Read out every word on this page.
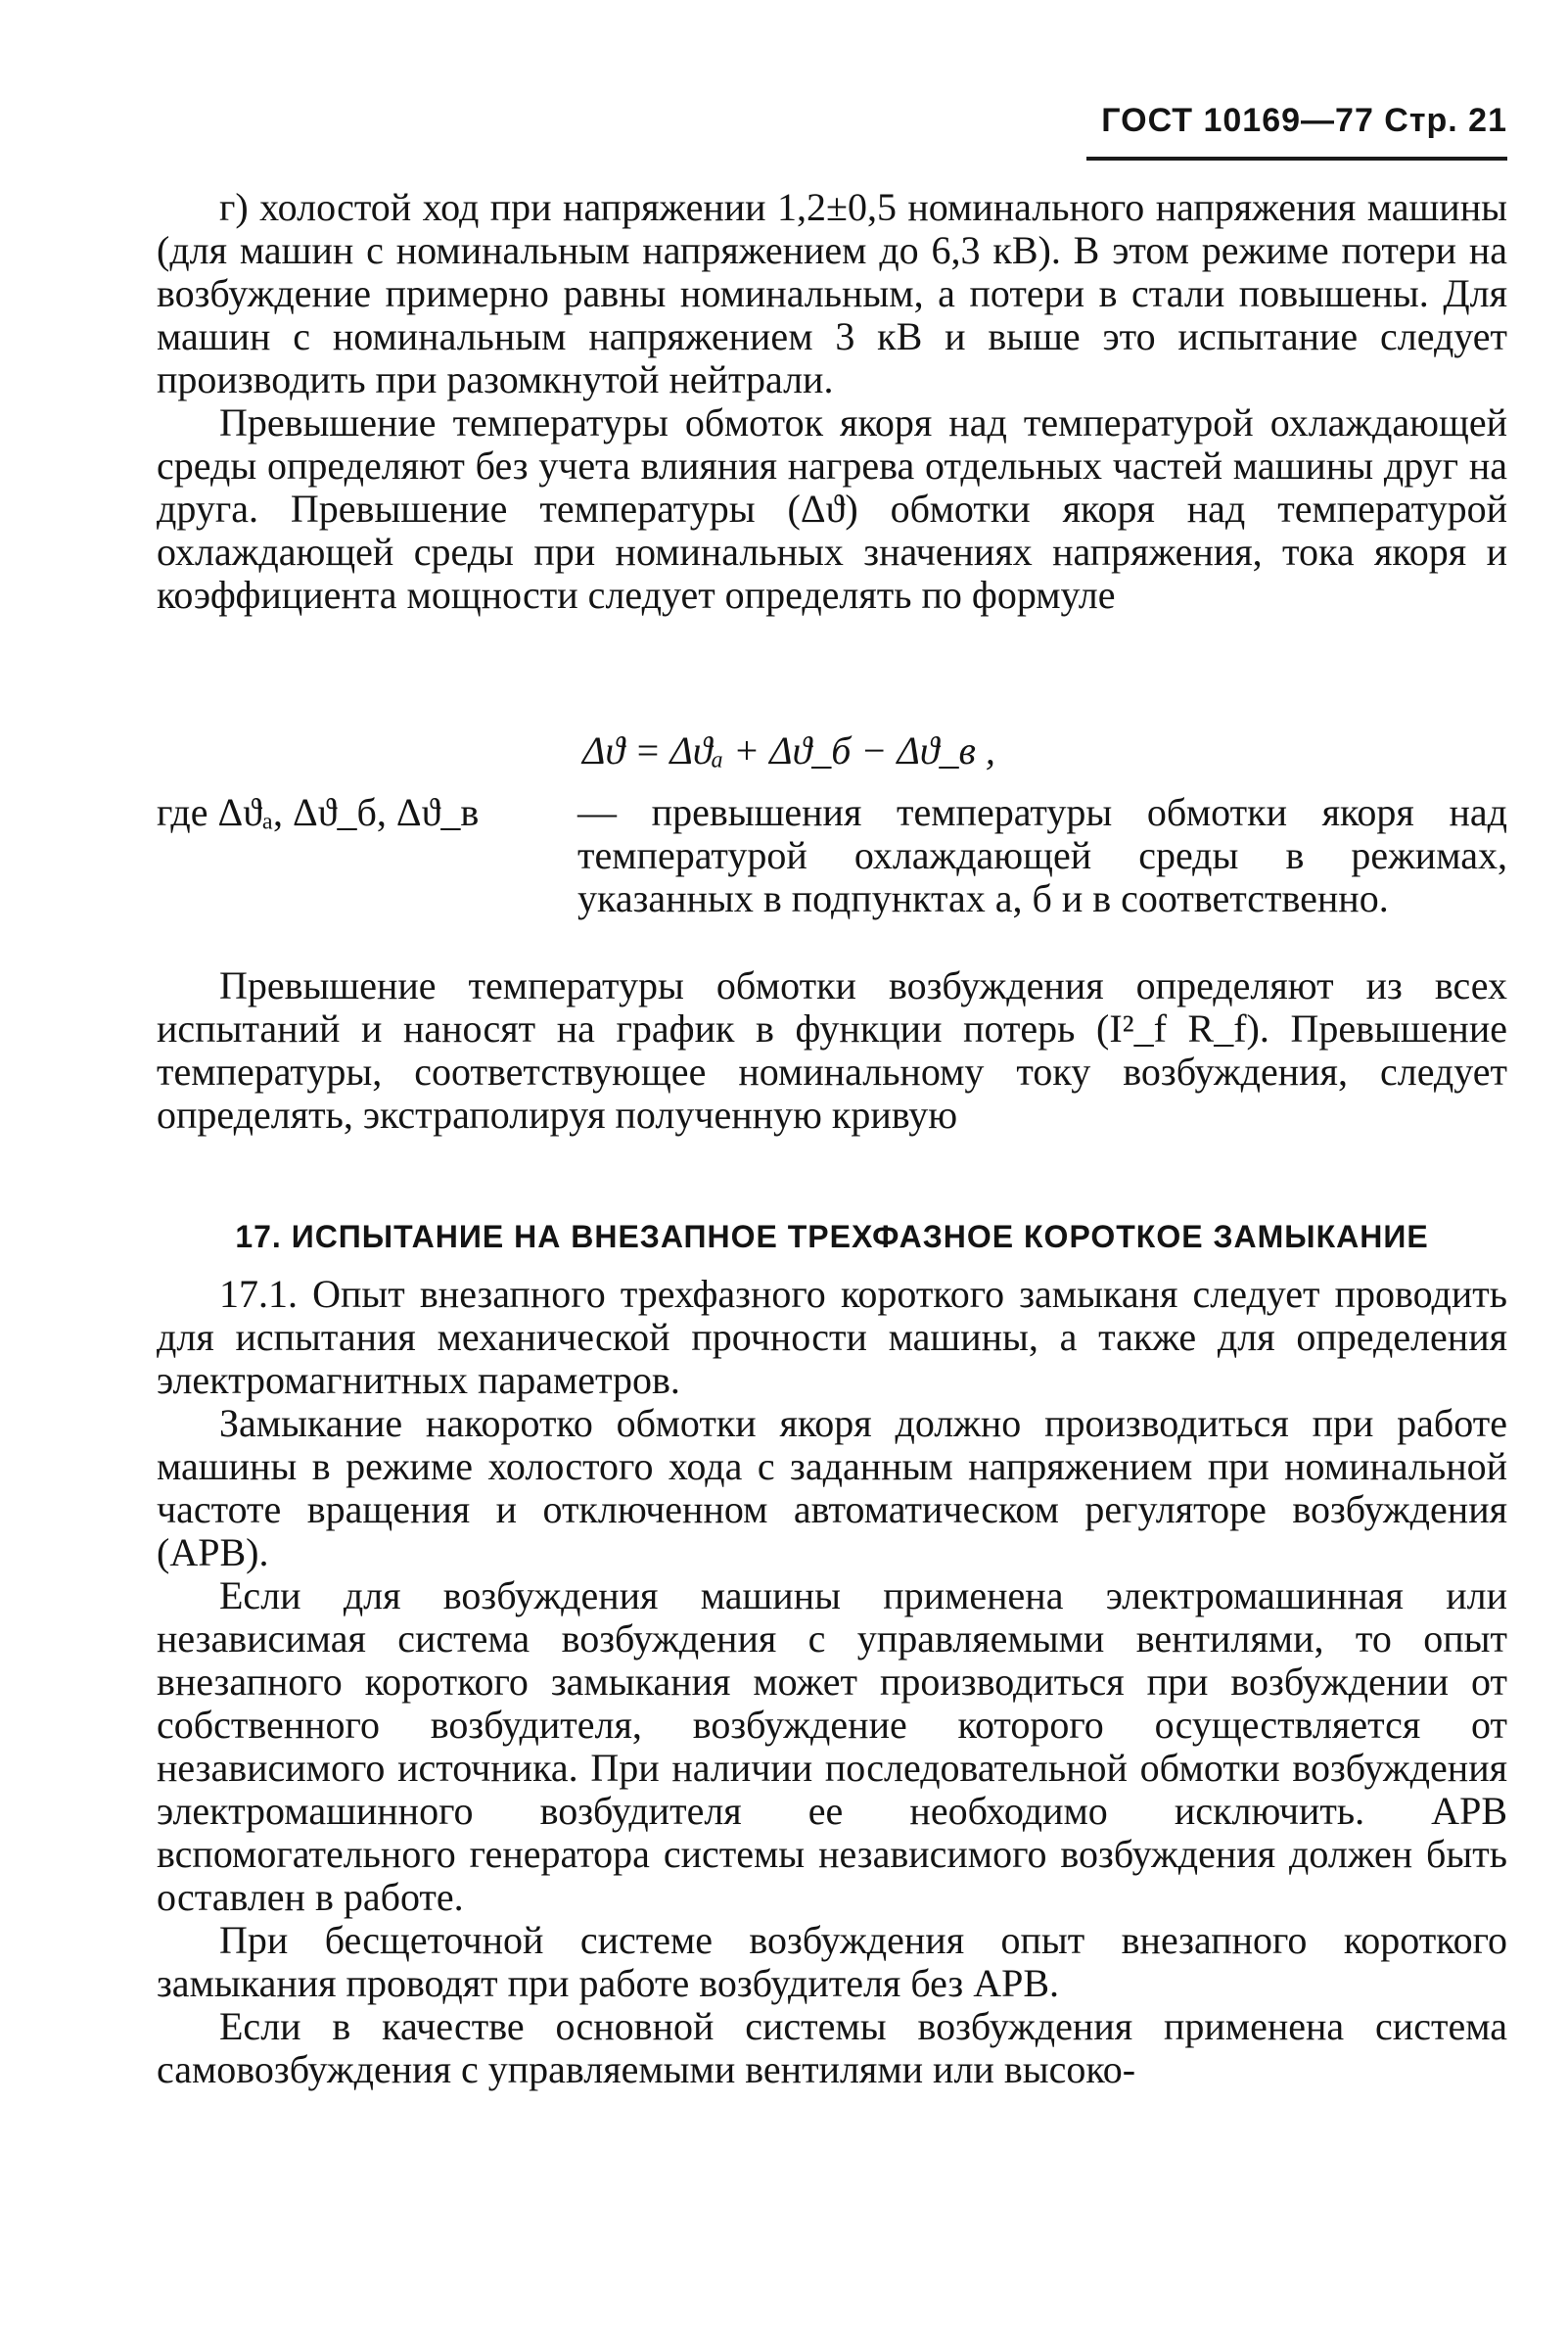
ГОСТ 10169—77 Стр. 21

г) холостой ход при напряжении 1,2±0,5 номинального напряжения машины (для машин с номинальным напряжением до 6,3 кВ). В этом режиме потери на возбуждение примерно равны номинальным, а потери в стали повышены. Для машин с номинальным напряжением 3 кВ и выше это испытание следует производить при разомкнутой нейтрали.

Превышение температуры обмоток якоря над температурой охлаждающей среды определяют без учета влияния нагрева отдельных частей машины друг на друга. Превышение температуры (Δϑ) обмотки якоря над температурой охлаждающей среды при номинальных значениях напряжения, тока якоря и коэффициента мощности следует определять по формуле

Δϑ = Δϑₐ + Δϑ_б − Δϑ_в ,
где Δϑₐ, Δϑ_б, Δϑ_в	— превышения температуры обмотки якоря над температурой охлаждающей среды в режимах, указанных в подпунктах а, б и в соответственно.

Превышение температуры обмотки возбуждения определяют из всех испытаний и наносят на график в функции потерь (I²_f R_f). Превышение температуры, соответствующее номинальному току возбуждения, следует определять, экстраполируя полученную кривую

17. ИСПЫТАНИЕ НА ВНЕЗАПНОЕ ТРЕХФАЗНОЕ КОРОТКОЕ ЗАМЫКАНИЕ

17.1. Опыт внезапного трехфазного короткого замыканя следует проводить для испытания механической прочности машины, а также для определения электромагнитных параметров.

Замыкание накоротко обмотки якоря должно производиться при работе машины в режиме холостого хода с заданным напряжением при номинальной частоте вращения и отключенном автоматическом регуляторе возбуждения (АРВ).

Если для возбуждения машины применена электромашинная или независимая система возбуждения с управляемыми вентилями, то опыт внезапного короткого замыкания может производиться при возбуждении от собственного возбудителя, возбуждение которого осуществляется от независимого источника. При наличии последовательной обмотки возбуждения электромашинного возбудителя ее необходимо исключить. АРВ вспомогательного генератора системы независимого возбуждения должен быть оставлен в работе.

При бесщеточной системе возбуждения опыт внезапного короткого замыкания проводят при работе возбудителя без АРВ.

Если в качестве основной системы возбуждения применена система самовозбуждения с управляемыми вентилями или высоко-
